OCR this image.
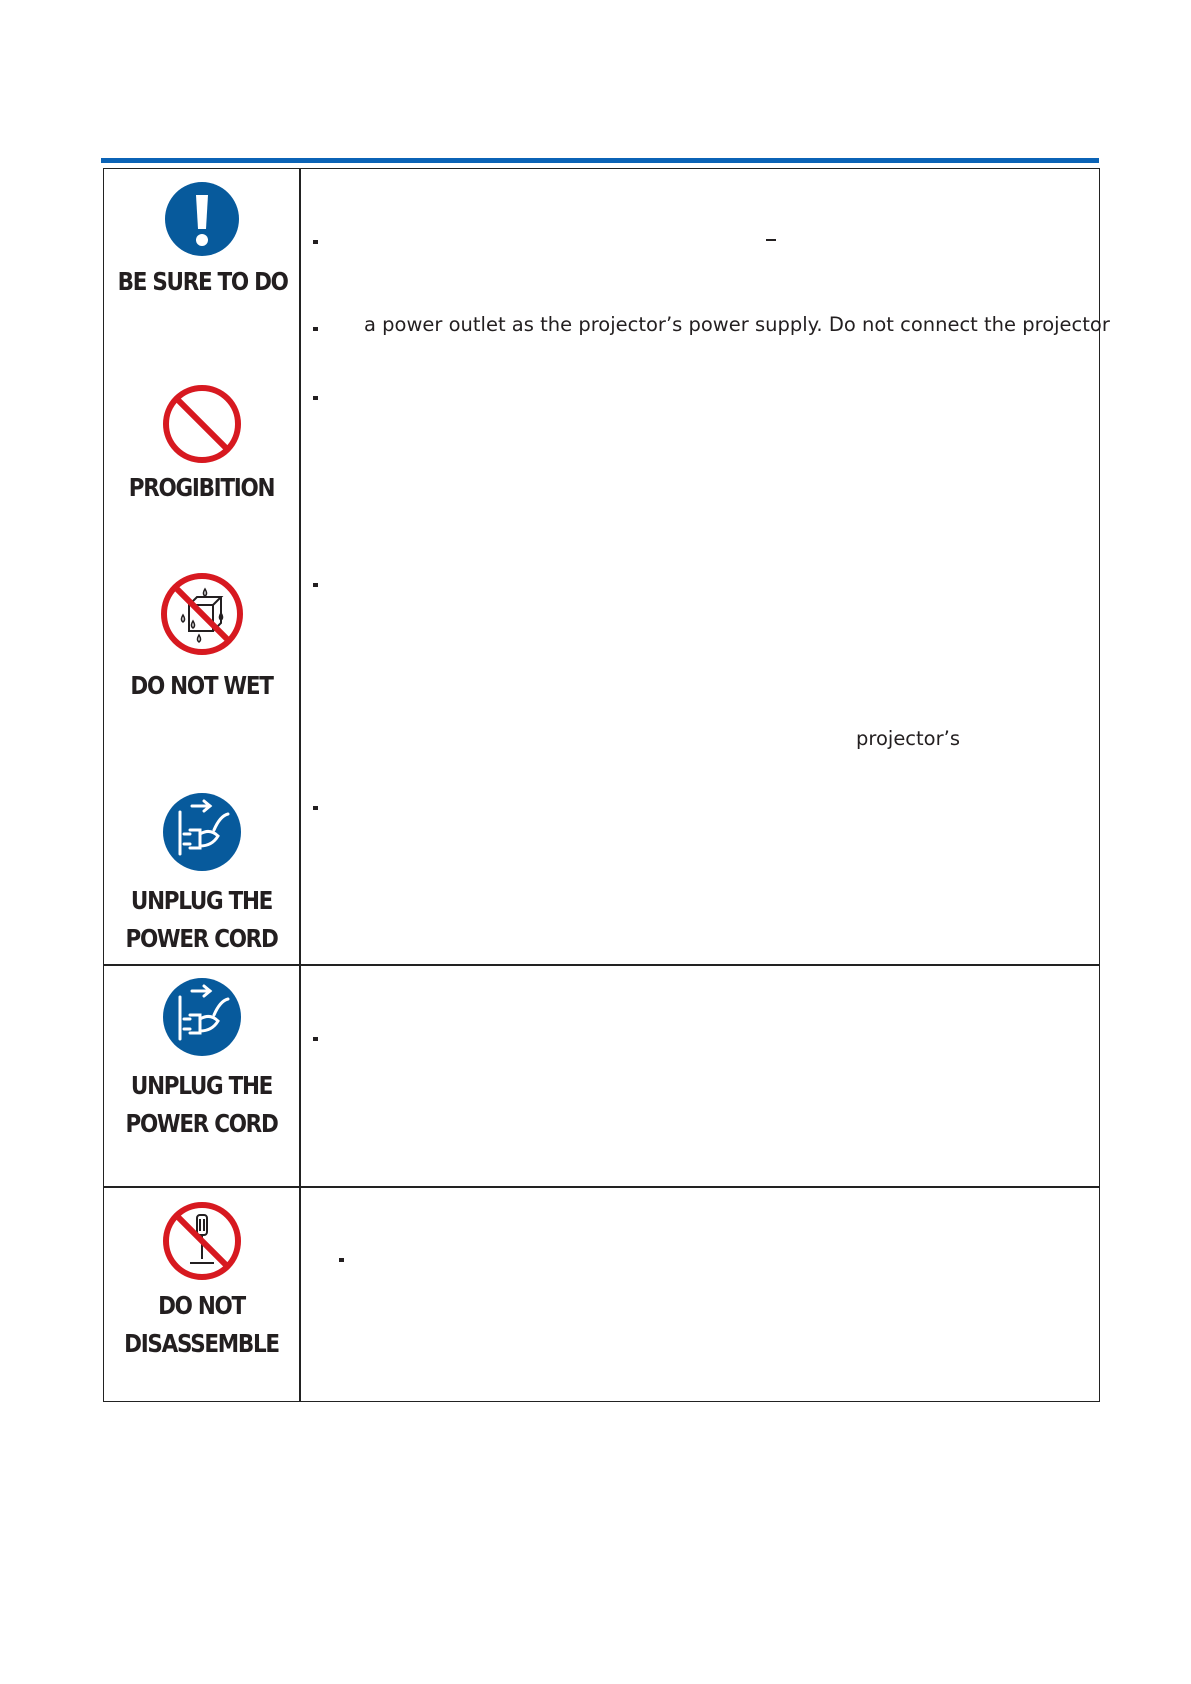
BE SURE TO DO
PROGIBITION
DO NOT WET
UNPLUG THE
POWER CORD
UNPLUG THE
POWER CORD
DO NOT
DISASSEMBLE
a power outlet as the projector’s power supply. Do not connect the projector
projector’s
